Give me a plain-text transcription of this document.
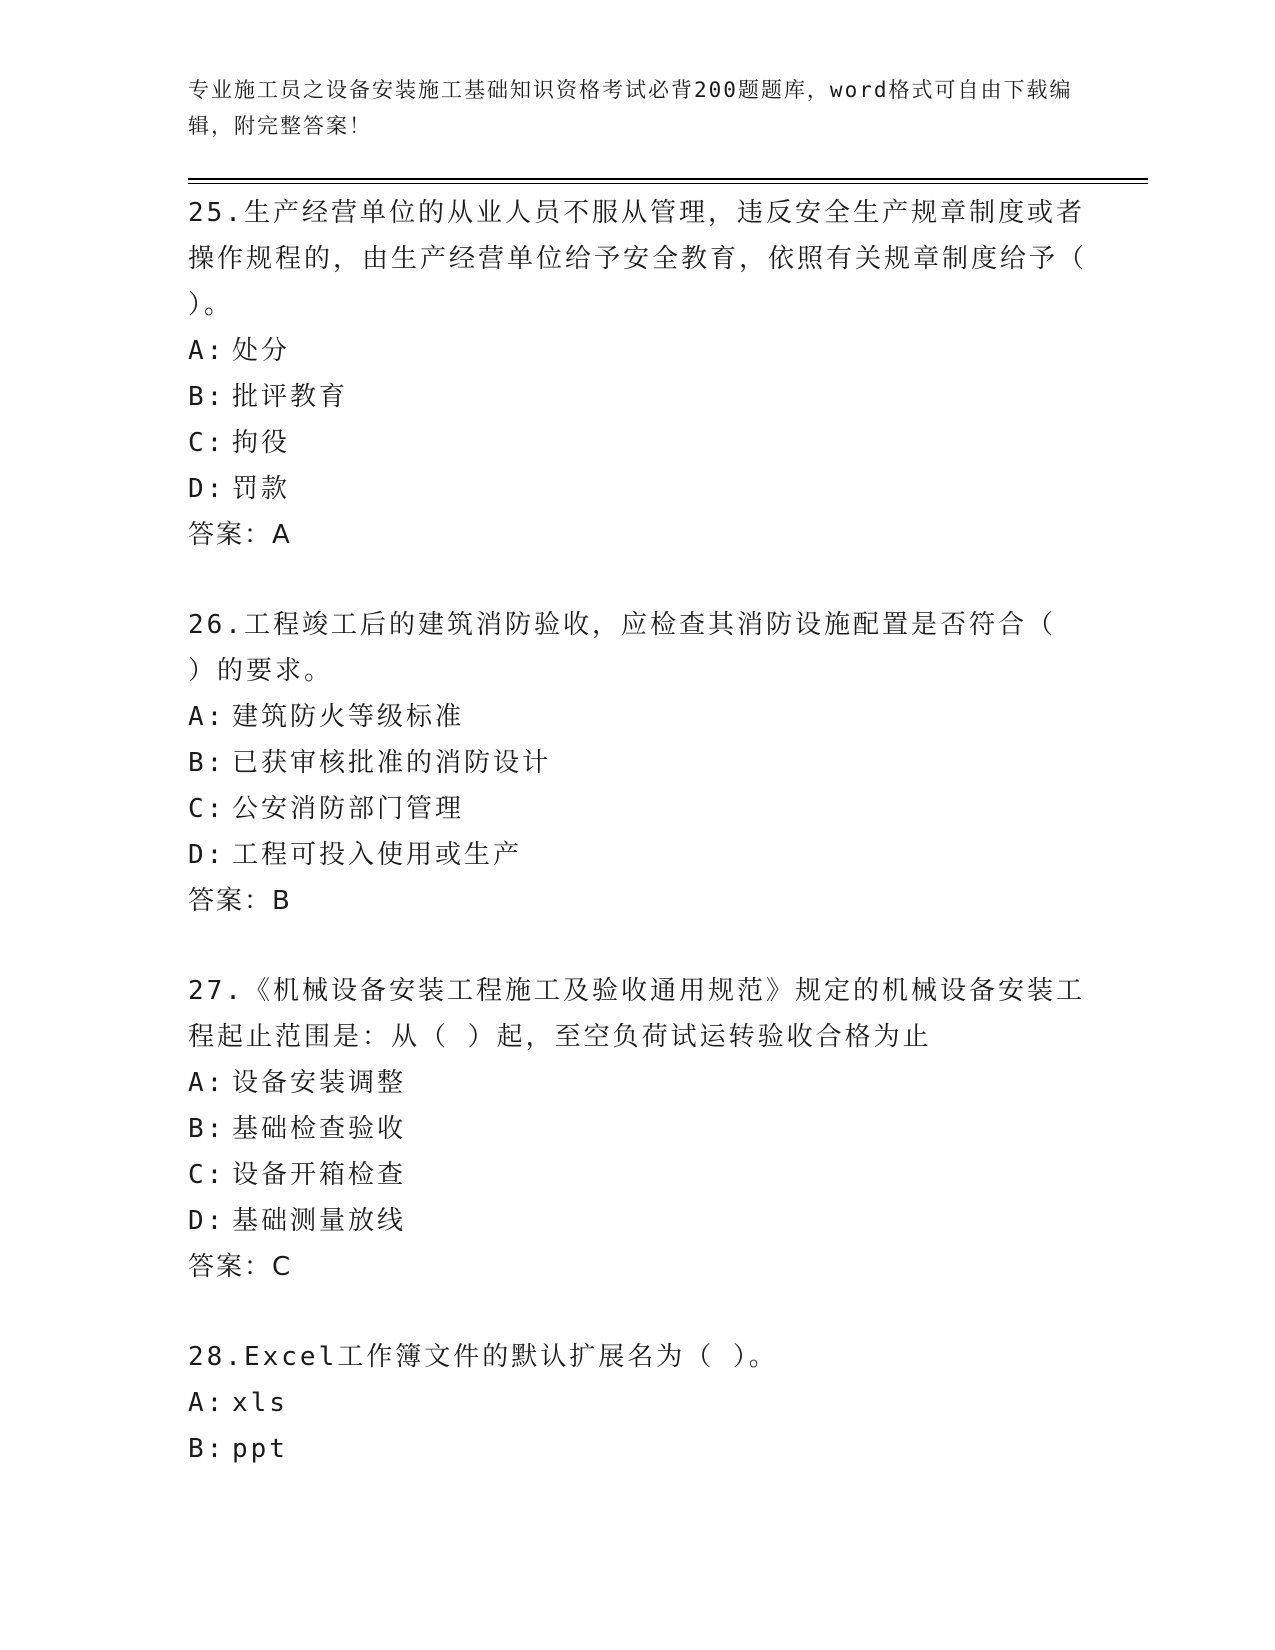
专业施工员之设备安装施工基础知识资格考试必背200题题库，word格式可自由下载编辑，附完整答案！
25.生产经营单位的从业人员不服从管理，违反安全生产规章制度或者操作规程的，由生产经营单位给予安全教育，依照有关规章制度给予（ ）。
A: 处分
B: 批评教育
C: 拘役
D: 罚款
答案：A
26.工程竣工后的建筑消防验收，应检查其消防设施配置是否符合（ ）的要求。
A: 建筑防火等级标准
B: 已获审核批准的消防设计
C: 公安消防部门管理
D: 工程可投入使用或生产
答案：B
27.《机械设备安装工程施工及验收通用规范》规定的机械设备安装工程起止范围是：从（ ）起，至空负荷试运转验收合格为止
A: 设备安装调整
B: 基础检查验收
C: 设备开箱检查
D: 基础测量放线
答案：C
28.Excel工作簿文件的默认扩展名为（ ）。
A: xls
B: ppt
